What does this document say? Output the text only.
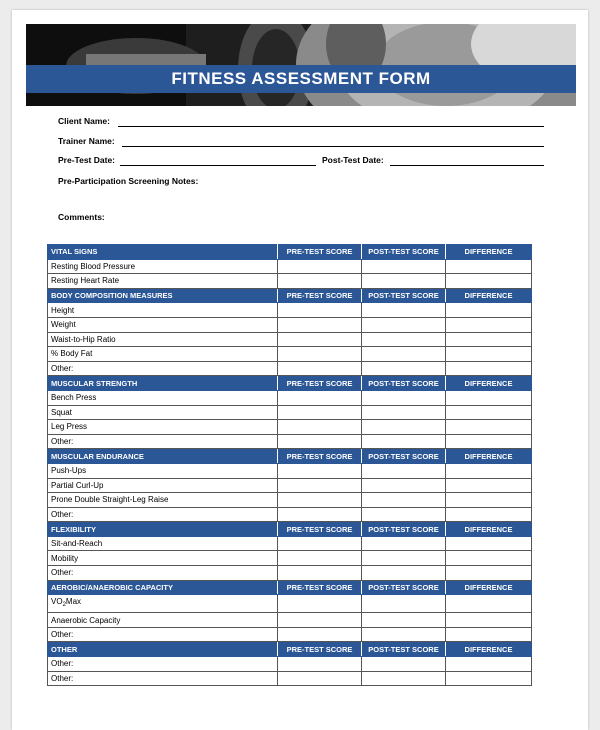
FITNESS ASSESSMENT FORM
Client Name:
Trainer Name:
Pre-Test Date:	Post-Test Date:
Pre-Participation Screening Notes:
Comments:
VITAL SIGNS	PRE-TEST SCORE	POST-TEST SCORE	DIFFERENCE
Resting Blood Pressure			
Resting Heart Rate			
BODY COMPOSITION MEASURES	PRE-TEST SCORE	POST-TEST SCORE	DIFFERENCE
Height			
Weight			
Waist-to-Hip Ratio			
% Body Fat			
Other:			
MUSCULAR STRENGTH	PRE-TEST SCORE	POST-TEST SCORE	DIFFERENCE
Bench Press			
Squat			
Leg Press			
Other:			
MUSCULAR ENDURANCE	PRE-TEST SCORE	POST-TEST SCORE	DIFFERENCE
Push-Ups			
Partial Curl-Up			
Prone Double Straight-Leg Raise			
Other:			
FLEXIBILITY	PRE-TEST SCORE	POST-TEST SCORE	DIFFERENCE
Sit-and-Reach			
Mobility			
Other:			
AEROBIC/ANAEROBIC CAPACITY	PRE-TEST SCORE	POST-TEST SCORE	DIFFERENCE
$VO_2Max$			
Anaerobic Capacity			
Other:			
OTHER	PRE-TEST SCORE	POST-TEST SCORE	DIFFERENCE
Other:			
Other:			
